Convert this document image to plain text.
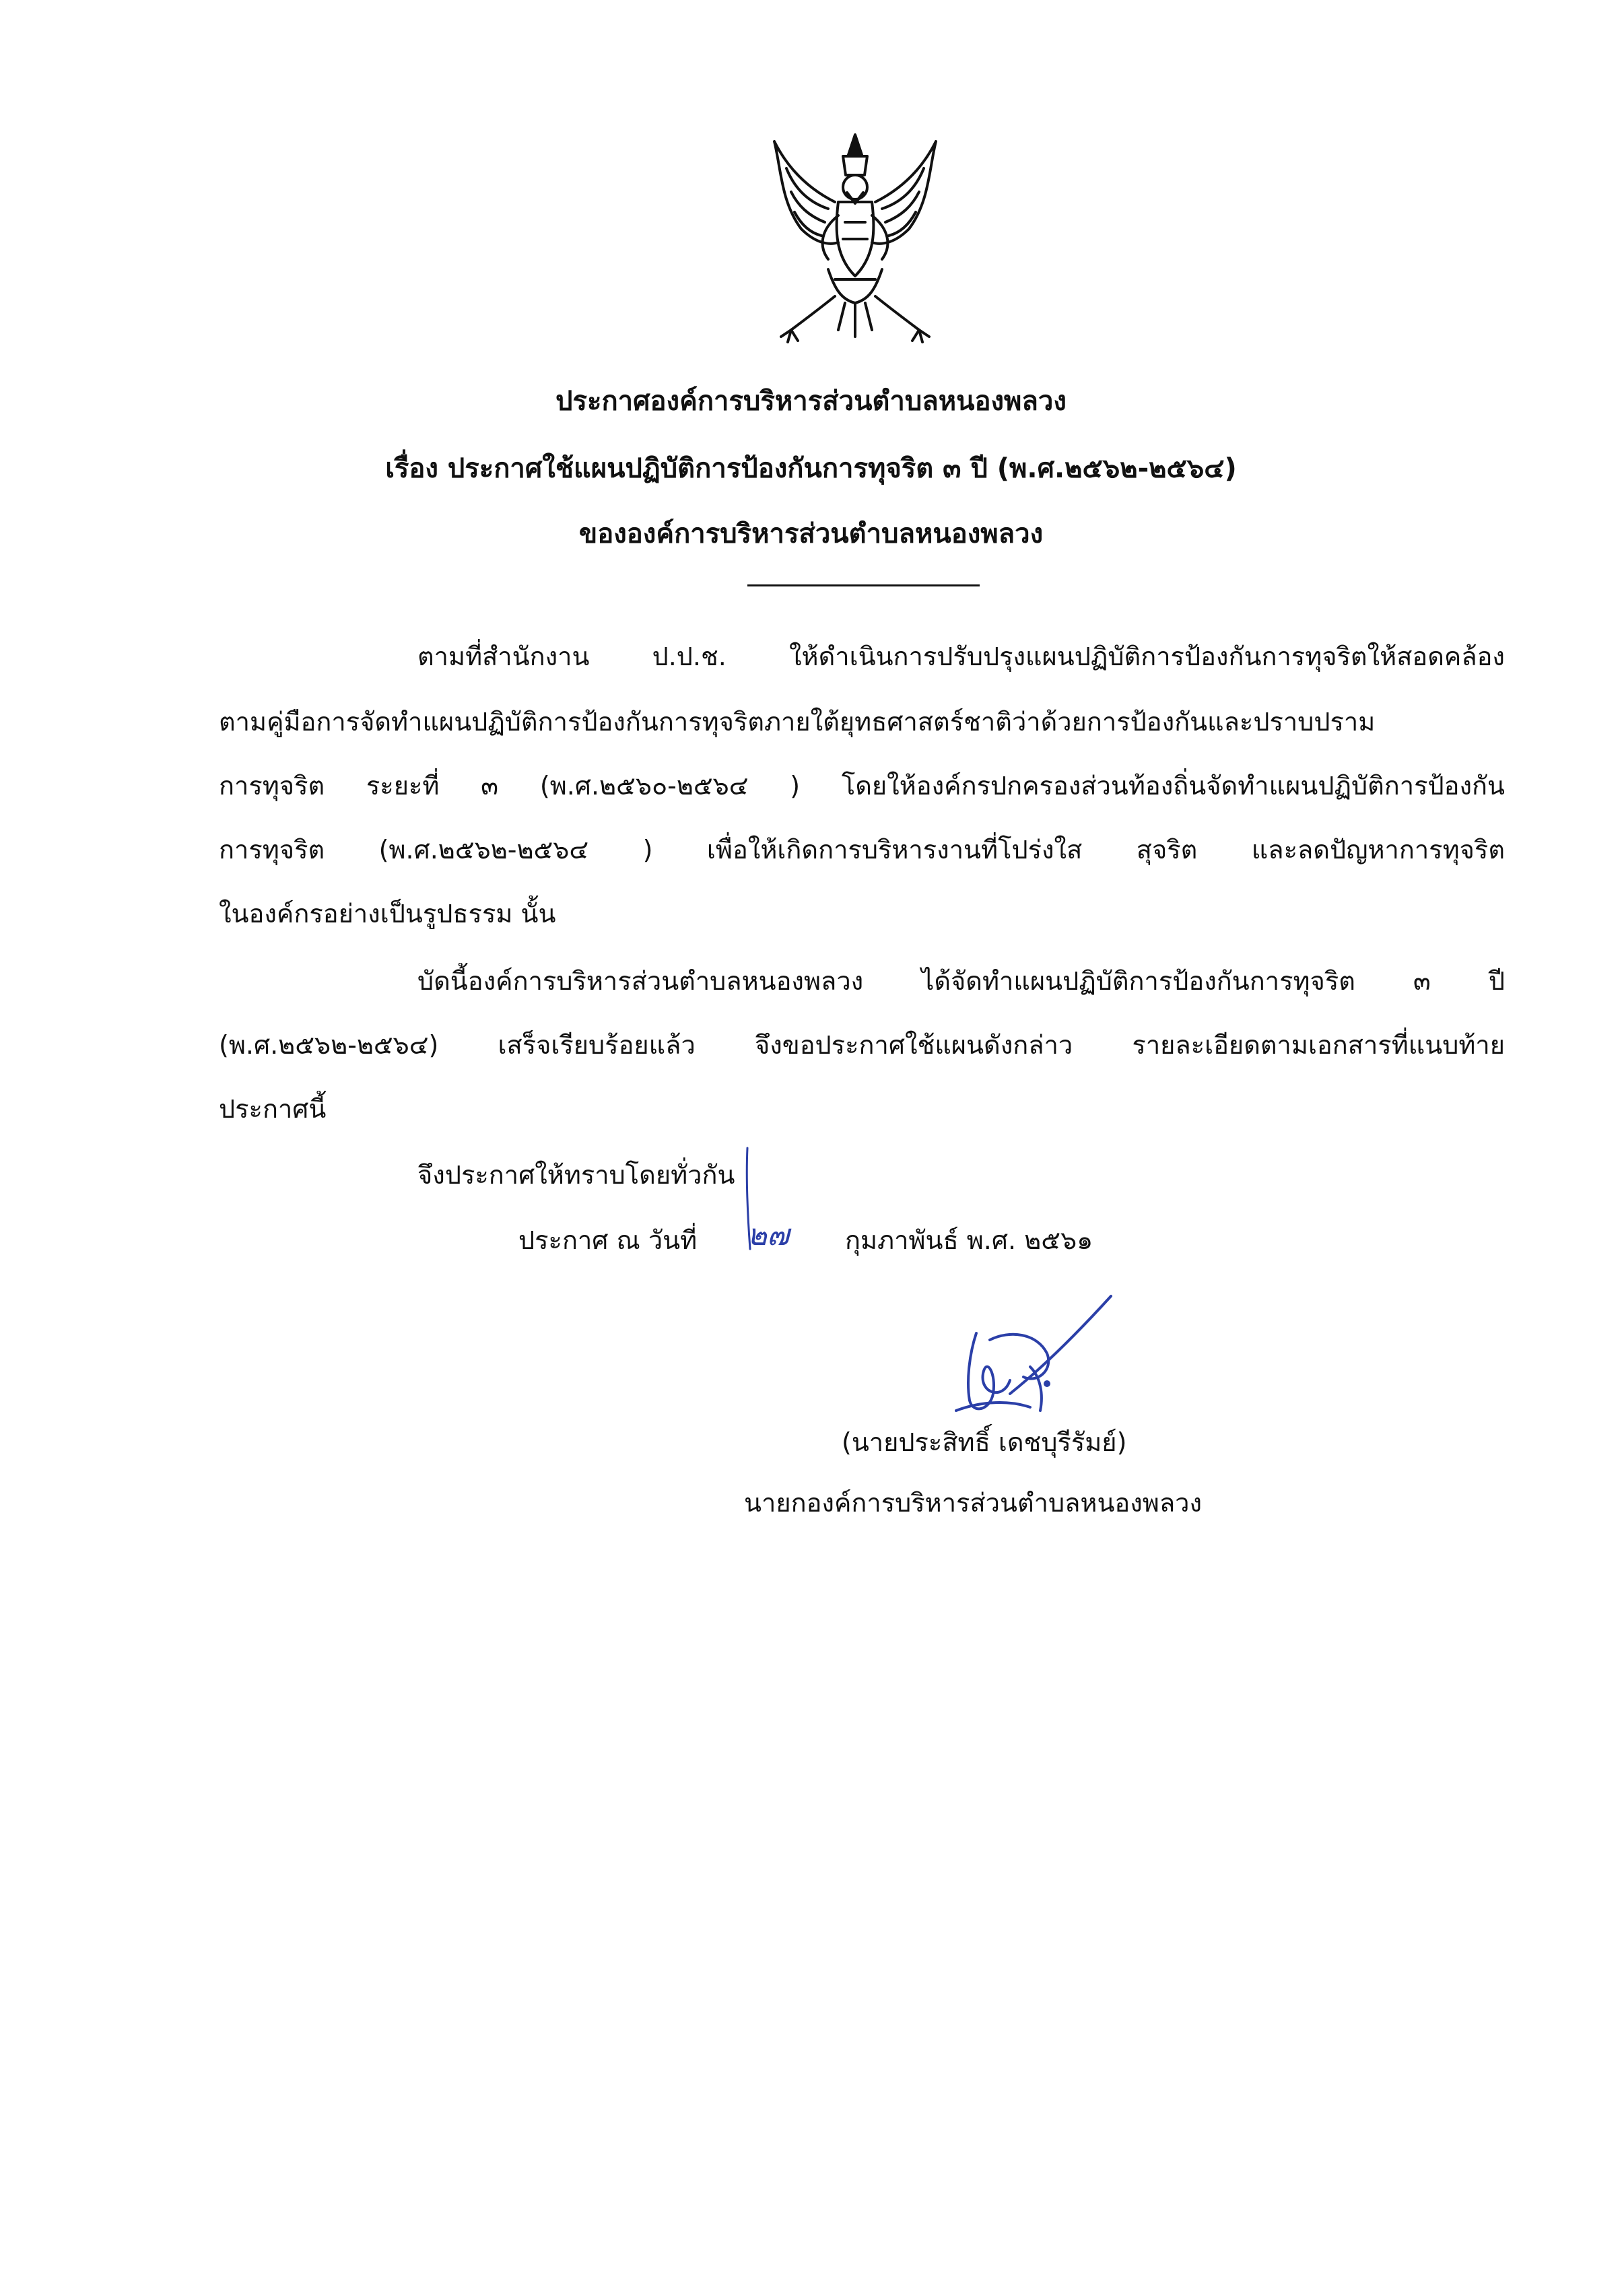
ประกาศองค์การบริหารส่วนตำบลหนองพลวง
เรื่อง ประกาศใช้แผนปฏิบัติการป้องกันการทุจริต ๓ ปี (พ.ศ.๒๕๖๒-๒๕๖๔)
ขององค์การบริหารส่วนตำบลหนองพลวง
ตามที่สำนักงาน ป.ป.ช. ให้ดำเนินการปรับปรุงแผนปฏิบัติการป้องกันการทุจริตให้สอดคล้อง
ตามคู่มือการจัดทำแผนปฏิบัติการป้องกันการทุจริตภายใต้ยุทธศาสตร์ชาติว่าด้วยการป้องกันและปราบปราม
การทุจริต ระยะที่ ๓ (พ.ศ.๒๕๖๐-๒๕๖๔ ) โดยให้องค์กรปกครองส่วนท้องถิ่นจัดทำแผนปฏิบัติการป้องกัน
การทุจริต (พ.ศ.๒๕๖๒-๒๕๖๔ ) เพื่อให้เกิดการบริหารงานที่โปร่งใส สุจริต และลดปัญหาการทุจริต
ในองค์กรอย่างเป็นรูปธรรม นั้น
บัดนี้องค์การบริหารส่วนตำบลหนองพลวง ได้จัดทำแผนปฏิบัติการป้องกันการทุจริต ๓ ปี
(พ.ศ.๒๕๖๒-๒๕๖๔) เสร็จเรียบร้อยแล้ว จึงขอประกาศใช้แผนดังกล่าว รายละเอียดตามเอกสารที่แนบท้าย
ประกาศนี้
จึงประกาศให้ทราบโดยทั่วกัน
ประกาศ ณ วันที่ ๒๗ กุมภาพันธ์ พ.ศ. ๒๕๖๑
(นายประสิทธิ์ เดชบุรีรัมย์)
นายกองค์การบริหารส่วนตำบลหนองพลวง
